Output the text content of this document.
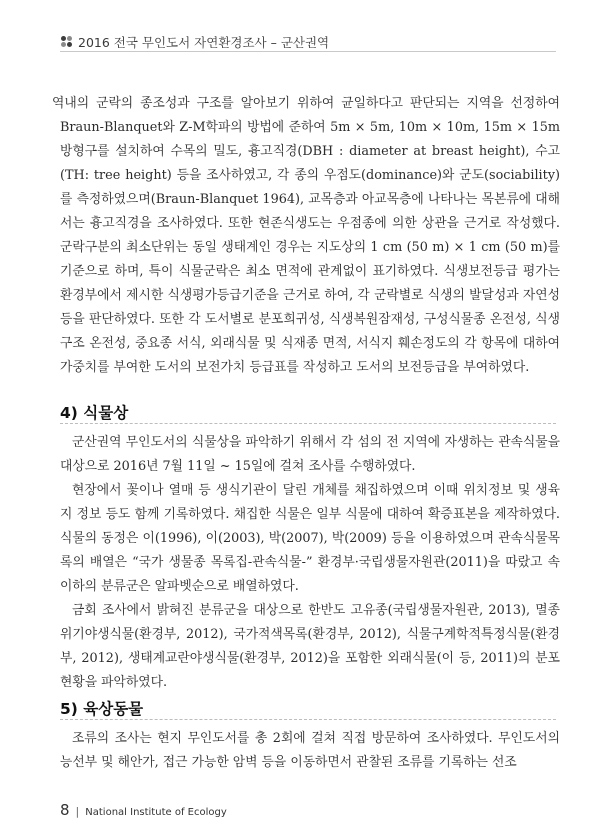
2016 전국 무인도서 자연환경조사 – 군산권역

역내의 군락의 종조성과 구조를 알아보기 위하여 균일하다고 판단되는 지역을 선정하여 Braun-Blanquet와 Z-M학파의 방법에 준하여 5m × 5m, 10m × 10m, 15m × 15m 방형구를 설치하여 수목의 밀도, 흉고직경(DBH : diameter at breast height), 수고(TH: tree height) 등을 조사하였고, 각 종의 우점도(dominance)와 군도(sociability)를 측정하였으며(Braun-Blanquet 1964), 교목층과 아교목층에 나타나는 목본류에 대해서는 흉고직경을 조사하였다. 또한 현존식생도는 우점종에 의한 상관을 근거로 작성했다. 군락구분의 최소단위는 동일 생태계인 경우는 지도상의 1 cm (50 m) × 1 cm (50 m)를 기준으로 하며, 특이 식물군락은 최소 면적에 관계없이 표기하였다. 식생보전등급 평가는 환경부에서 제시한 식생평가등급기준을 근거로 하여, 각 군락별로 식생의 발달성과 자연성 등을 판단하였다. 또한 각 도서별로 분포희귀성, 식생복원잠재성, 구성식물종 온전성, 식생구조 온전성, 중요종 서식, 외래식물 및 식재종 면적, 서식지 훼손정도의 각 항목에 대하여 가중치를 부여한 도서의 보전가치 등급표를 작성하고 도서의 보전등급을 부여하였다.

4) 식물상

군산권역 무인도서의 식물상을 파악하기 위해서 각 섬의 전 지역에 자생하는 관속식물을 대상으로 2016년 7월 11일 ~ 15일에 걸쳐 조사를 수행하였다.

현장에서 꽃이나 열매 등 생식기관이 달린 개체를 채집하였으며 이때 위치정보 및 생육지 정보 등도 함께 기록하였다. 채집한 식물은 일부 식물에 대하여 확증표본을 제작하였다. 식물의 동정은 이(1996), 이(2003), 박(2007), 박(2009) 등을 이용하였으며 관속식물목록의 배열은 “국가 생물종 목록집-관속식물-” 환경부·국립생물자원관(2011)을 따랐고 속 이하의 분류군은 알파벳순으로 배열하였다.

금회 조사에서 밝혀진 분류군을 대상으로 한반도 고유종(국립생물자원관, 2013), 멸종위기야생식물(환경부, 2012), 국가적색목록(환경부, 2012), 식물구계학적특정식물(환경부, 2012), 생태계교란야생식물(환경부, 2012)을 포함한 외래식물(이 등, 2011)의 분포현황을 파악하였다.

5) 육상동물

조류의 조사는 현지 무인도서를 총 2회에 걸쳐 직접 방문하여 조사하였다. 무인도서의 능선부 및 해안가, 접근 가능한 암벽 등을 이동하면서 관찰된 조류를 기록하는 선조

8 | National Institute of Ecology
